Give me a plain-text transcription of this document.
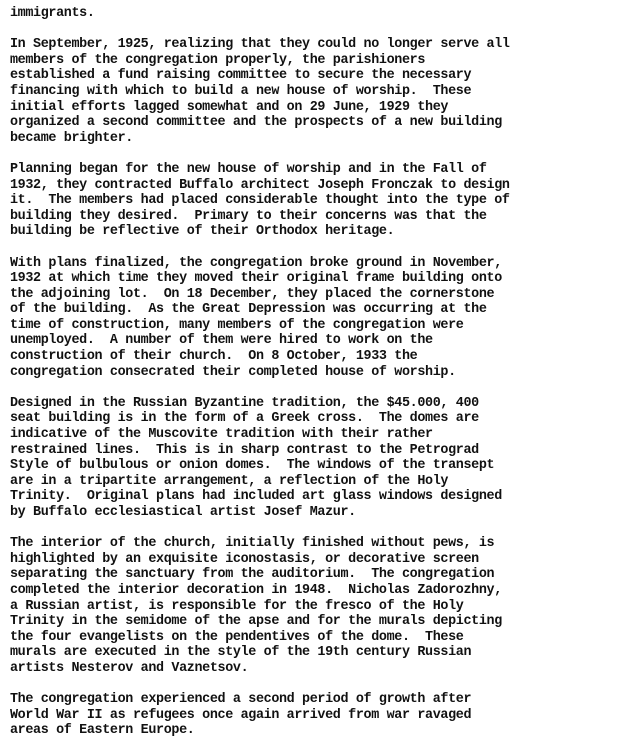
immigrants.
In September, 1925, realizing that they could no longer serve all
members of the congregation properly, the parishioners
established a fund raising committee to secure the necessary
financing with which to build a new house of worship.  These
initial efforts lagged somewhat and on 29 June, 1929 they
organized a second committee and the prospects of a new building
became brighter.
Planning began for the new house of worship and in the Fall of
1932, they contracted Buffalo architect Joseph Fronczak to design
it.  The members had placed considerable thought into the type of
building they desired.  Primary to their concerns was that the
building be reflective of their Orthodox heritage.
With plans finalized, the congregation broke ground in November,
1932 at which time they moved their original frame building onto
the adjoining lot.  On 18 December, they placed the cornerstone
of the building.  As the Great Depression was occurring at the
time of construction, many members of the congregation were
unemployed.  A number of them were hired to work on the
construction of their church.  On 8 October, 1933 the
congregation consecrated their completed house of worship.
Designed in the Russian Byzantine tradition, the $45.000, 400
seat building is in the form of a Greek cross.  The domes are
indicative of the Muscovite tradition with their rather
restrained lines.  This is in sharp contrast to the Petrograd
Style of bulbulous or onion domes.  The windows of the transept
are in a tripartite arrangement, a reflection of the Holy
Trinity.  Original plans had included art glass windows designed
by Buffalo ecclesiastical artist Josef Mazur.
The interior of the church, initially finished without pews, is
highlighted by an exquisite iconostasis, or decorative screen
separating the sanctuary from the auditorium.  The congregation
completed the interior decoration in 1948.  Nicholas Zadorozhny,
a Russian artist, is responsible for the fresco of the Holy
Trinity in the semidome of the apse and for the murals depicting
the four evangelists on the pendentives of the dome.  These
murals are executed in the style of the 19th century Russian
artists Nesterov and Vaznetsov.
The congregation experienced a second period of growth after
World War II as refugees once again arrived from war ravaged
areas of Eastern Europe.
